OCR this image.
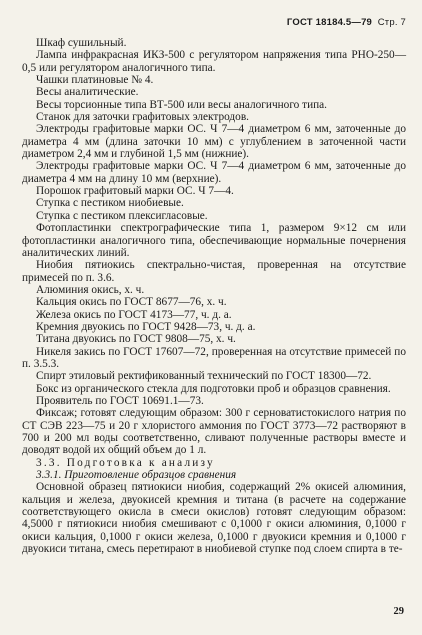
ГОСТ 18184.5—79 Стр. 7

Шкаф сушильный.

Лампа инфракрасная ИКЗ-500 с регулятором напряжения типа РНО-250—0,5 или регулятором аналогичного типа.

Чашки платиновые № 4.

Весы аналитические.

Весы торсионные типа ВТ-500 или весы аналогичного типа.

Станок для заточки графитовых электродов.

Электроды графитовые марки ОС. Ч 7—4 диаметром 6 мм, заточенные до диаметра 4 мм (длина заточки 10 мм) с углублением в заточенной части диаметром 2,4 мм и глубиной 1,5 мм (нижние).

Электроды графитовые марки ОС. Ч 7—4 диаметром 6 мм, заточенные до диаметра 4 мм на длину 10 мм (верхние).

Порошок графитовый марки ОС. Ч 7—4.

Ступка с пестиком ниобиевые.

Ступка с пестиком плексигласовые.

Фотопластинки спектрографические типа 1, размером 9×12 см или фотопластинки аналогичного типа, обеспечивающие нормальные почернения аналитических линий.

Ниобия пятиокись спектрально-чистая, проверенная на отсутствие примесей по п. 3.6.

Алюминия окись, х. ч.

Кальция окись по ГОСТ 8677—76, х. ч.

Железа окись по ГОСТ 4173—77, ч. д. а.

Кремния двуокись по ГОСТ 9428—73, ч. д. а.

Титана двуокись по ГОСТ 9808—75, х. ч.

Никеля закись по ГОСТ 17607—72, проверенная на отсутствие примесей по п. 3.5.3.

Спирт этиловый ректификованный технический по ГОСТ 18300—72.

Бокс из органического стекла для подготовки проб и образцов сравнения.

Проявитель по ГОСТ 10691.1—73.

Фиксаж; готовят следующим образом: 300 г серноватистокислого натрия по СТ СЭВ 223—75 и 20 г хлористого аммония по ГОСТ 3773—72 растворяют в 700 и 200 мл воды соответственно, сливают полученные растворы вместе и доводят водой их общий объем до 1 л.

3.3. Подготовка к анализу

3.3.1. Приготовление образцов сравнения

Основной образец пятиокиси ниобия, содержащий 2% окисей алюминия, кальция и железа, двуокисей кремния и титана (в расчете на содержание соответствующего окисла в смеси окислов) готовят следующим образом: 4,5000 г пятиокиси ниобия смешивают с 0,1000 г окиси алюминия, 0,1000 г окиси кальция, 0,1000 г окиси железа, 0,1000 г двуокиси кремния и 0,1000 г двуокиси титана, смесь перетирают в ниобиевой ступке под слоем спирта в те-

29
